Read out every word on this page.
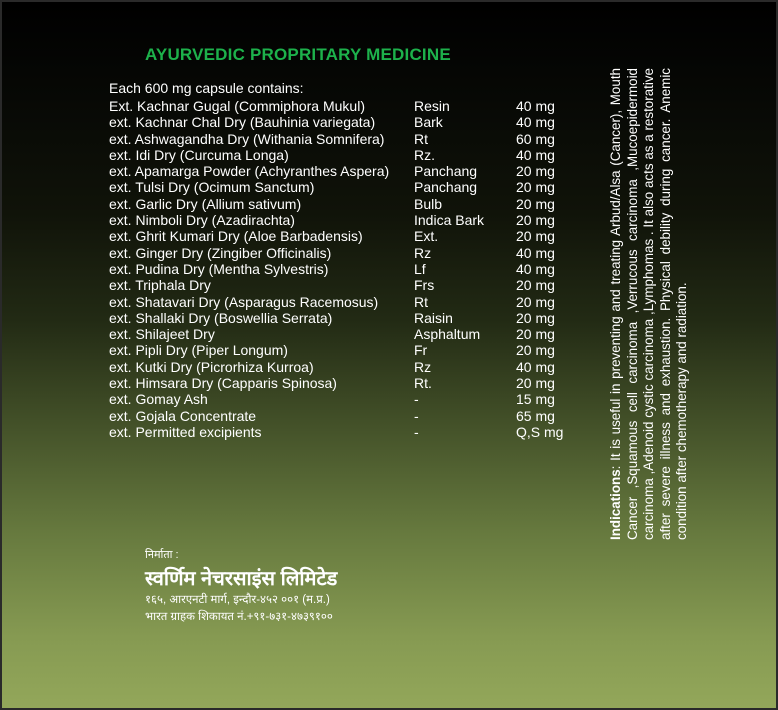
AYURVEDIC PROPRITARY MEDICINE
Each 600 mg capsule contains:
Ext. Kachnar Gugal (Commiphora Mukul)	Resin	40 mg
ext. Kachnar Chal Dry (Bauhinia variegata)	Bark	40 mg
ext. Ashwagandha Dry (Withania Somnifera) Rt	60 mg
ext. Idi Dry (Curcuma Longa)	Rz.	40 mg
ext. Apamarga Powder (Achyranthes Aspera) Panchang	20 mg
ext. Tulsi Dry (Ocimum Sanctum)	Panchang	20 mg
ext. Garlic Dry (Allium sativum)	Bulb	20 mg
ext. Nimboli Dry (Azadirachta)	Indica Bark 20 mg
ext. Ghrit Kumari Dry (Aloe Barbadensis)	Ext.	20 mg
ext. Ginger Dry (Zingiber Officinalis)	Rz	40 mg
ext. Pudina Dry (Mentha Sylvestris)	Lf	40 mg
ext. Triphala Dry	Frs	20 mg
ext. Shatavari Dry (Asparagus Racemosus)	Rt	20 mg
ext. Shallaki Dry (Boswellia Serrata)	Raisin	20 mg
ext. Shilajeet Dry	Asphaltum	20 mg
ext. Pipli Dry (Piper Longum)	Fr	20 mg
ext. Kutki Dry (Picrorhiza Kurroa)	Rz	40 mg
ext. Himsara Dry (Capparis Spinosa)	Rt.	20 mg
ext. Gomay Ash	-	15 mg
ext. Gojala Concentrate	-	65 mg
ext. Permitted excipients	-	Q,S mg
Indications: It is useful in preventing and treating Arbud/Alsa (Cancer), Mouth Cancer ,Squamous cell carcinoma ,Verrucous carcinoma ,Mucoepidermoid carcinoma ,Adenoid cystic carcinoma ,Lymphomas . It also acts as a restorative after severe illness and exhaustion. Physical debility during cancer. Anemic condition after chemotherapy and radiation.
निर्माता :
स्वर्णिम नेचरसाइंस लिमिटेड
१६५, आरएनटी मार्ग, इन्दौर-४५२ ००१ (म.प्र.)
भारत ग्राहक शिकायत नं.+९१-७३१-४७३९१००
